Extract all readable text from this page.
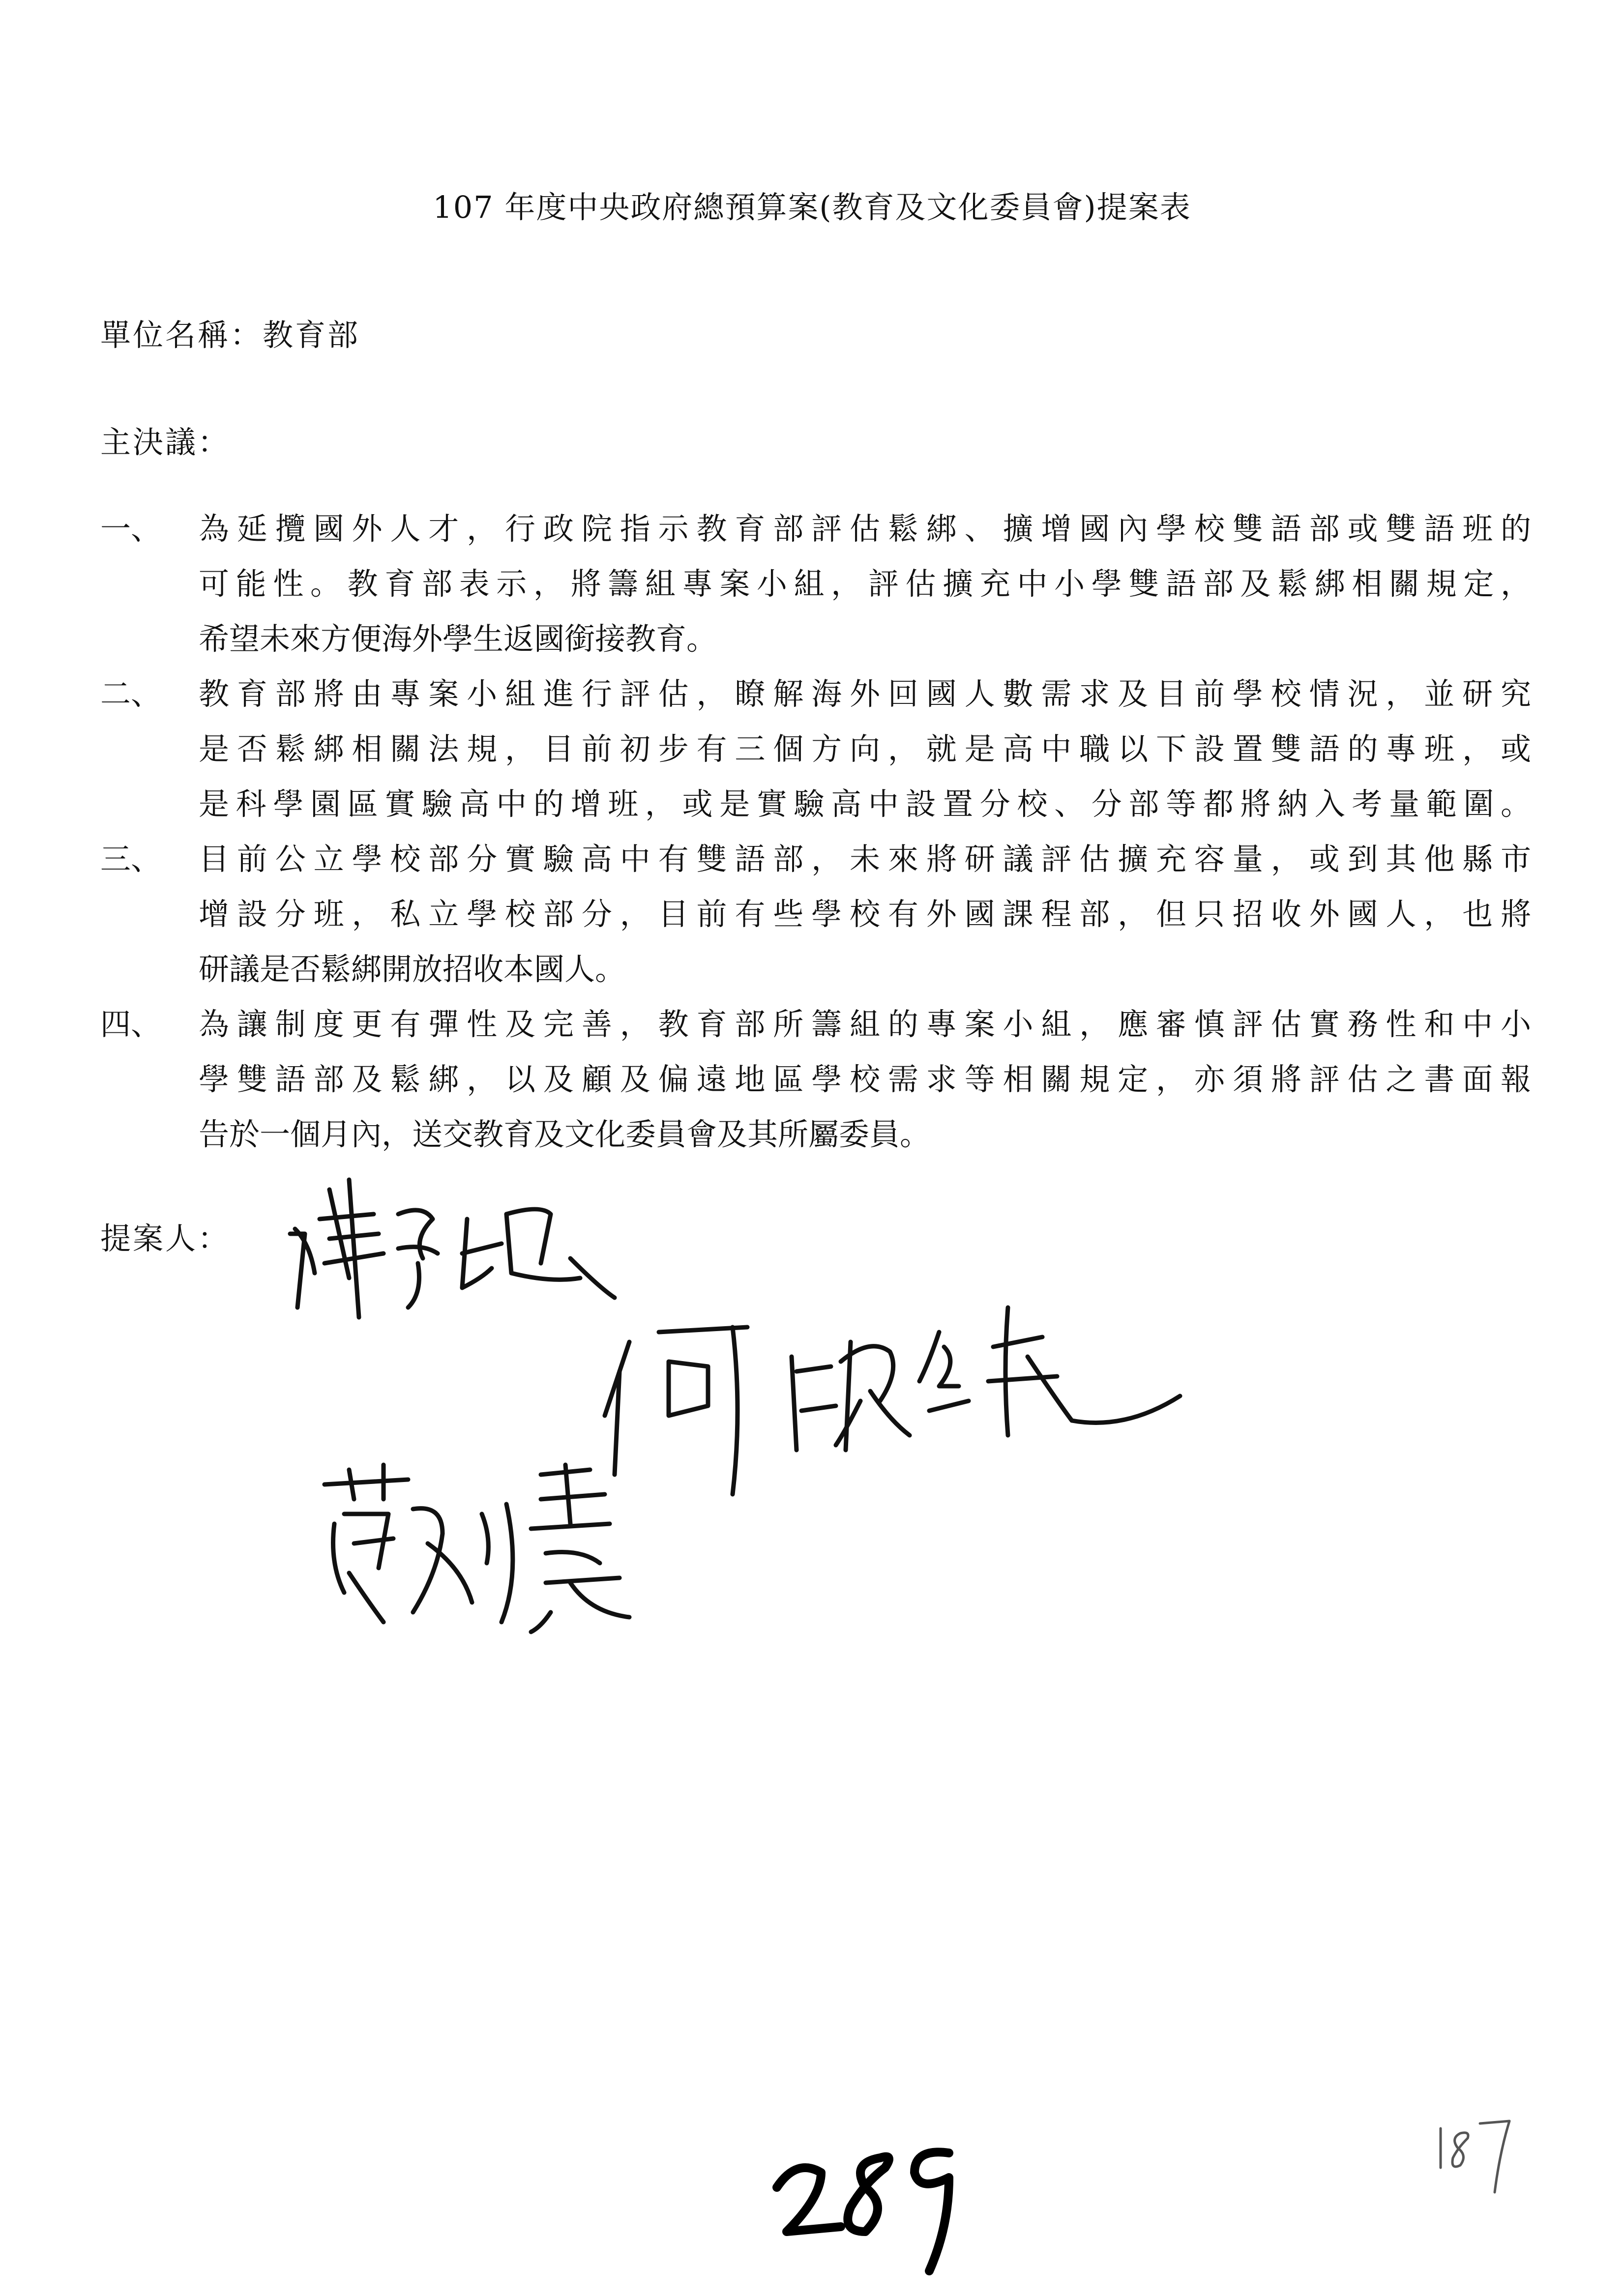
107 年度中央政府總預算案(教育及文化委員會)提案表
單位名稱：教育部
主決議：
一、	為延攬國外人才，行政院指示教育部評估鬆綁、擴增國內學校雙語部或雙語班的
可能性。教育部表示，將籌組專案小組，評估擴充中小學雙語部及鬆綁相關規定，
希望未來方便海外學生返國銜接教育。
二、	教育部將由專案小組進行評估，瞭解海外回國人數需求及目前學校情況，並研究
是否鬆綁相關法規，目前初步有三個方向，就是高中職以下設置雙語的專班，或
是科學園區實驗高中的增班，或是實驗高中設置分校、分部等都將納入考量範圍。
三、	目前公立學校部分實驗高中有雙語部，未來將研議評估擴充容量，或到其他縣市
增設分班，私立學校部分，目前有些學校有外國課程部，但只招收外國人，也將
研議是否鬆綁開放招收本國人。
四、	為讓制度更有彈性及完善，教育部所籌組的專案小組，應審慎評估實務性和中小
學雙語部及鬆綁，以及顧及偏遠地區學校需求等相關規定，亦須將評估之書面報
告於一個月內，送交教育及文化委員會及其所屬委員。
提案人：
陳秀寳
何欣純
蘇巧慧
289
187
